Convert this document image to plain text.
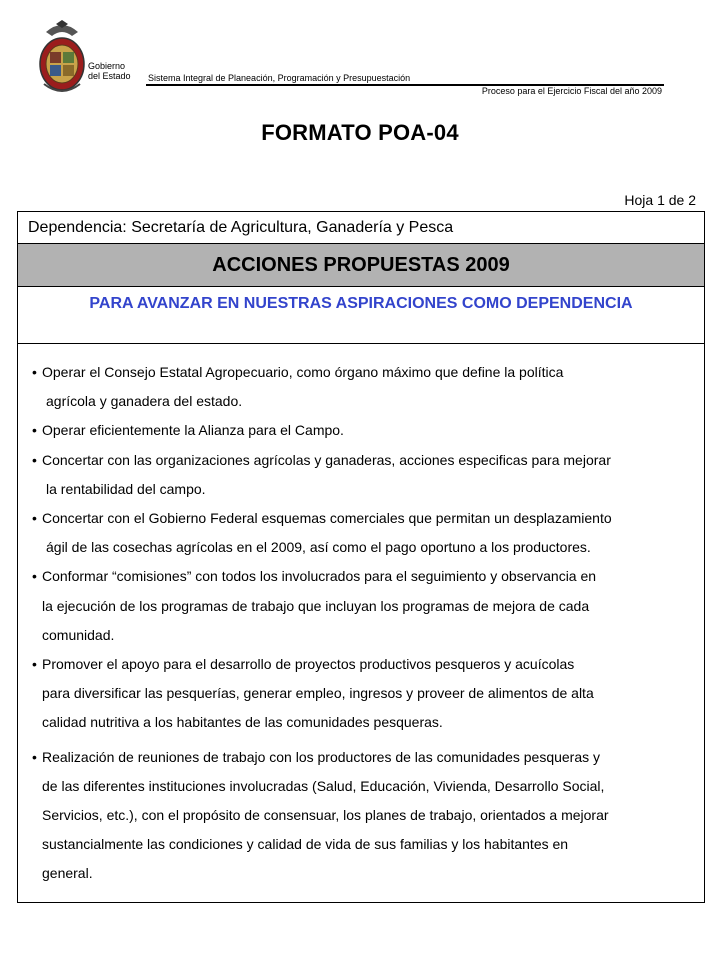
Gobierno
del Estado Sistema Integral de Planeación, Programación y Presupuestación
Proceso para el Ejercicio Fiscal del año 2009
FORMATO POA-04
Hoja 1 de 2
Dependencia: Secretaría de Agricultura, Ganadería y Pesca
ACCIONES PROPUESTAS 2009
PARA AVANZAR EN NUESTRAS ASPIRACIONES COMO DEPENDENCIA
• Operar el Consejo Estatal Agropecuario, como órgano máximo que define la política
agrícola y ganadera del estado.
• Operar eficientemente la Alianza para el Campo.
• Concertar con las organizaciones agrícolas y ganaderas, acciones especificas para mejorar
la rentabilidad del campo.
• Concertar con el Gobierno Federal esquemas comerciales que permitan un desplazamiento
ágil de las cosechas agrícolas en el 2009, así como el pago oportuno a los productores.
• Conformar “comisiones” con todos los involucrados para el seguimiento y observancia en
la ejecución de los programas de trabajo que incluyan los programas de mejora de cada
comunidad.
• Promover el apoyo para el desarrollo de proyectos productivos pesqueros y acuícolas
para diversificar las pesquerías, generar empleo, ingresos y proveer de alimentos de alta
calidad nutritiva a los habitantes de las comunidades pesqueras.
• Realización de reuniones de trabajo con los productores de las comunidades pesqueras y
de las diferentes instituciones involucradas (Salud, Educación, Vivienda, Desarrollo Social,
Servicios, etc.), con el propósito de consensuar, los planes de trabajo, orientados a mejorar
sustancialmente las condiciones y calidad de vida de sus familias y los habitantes en
general.
